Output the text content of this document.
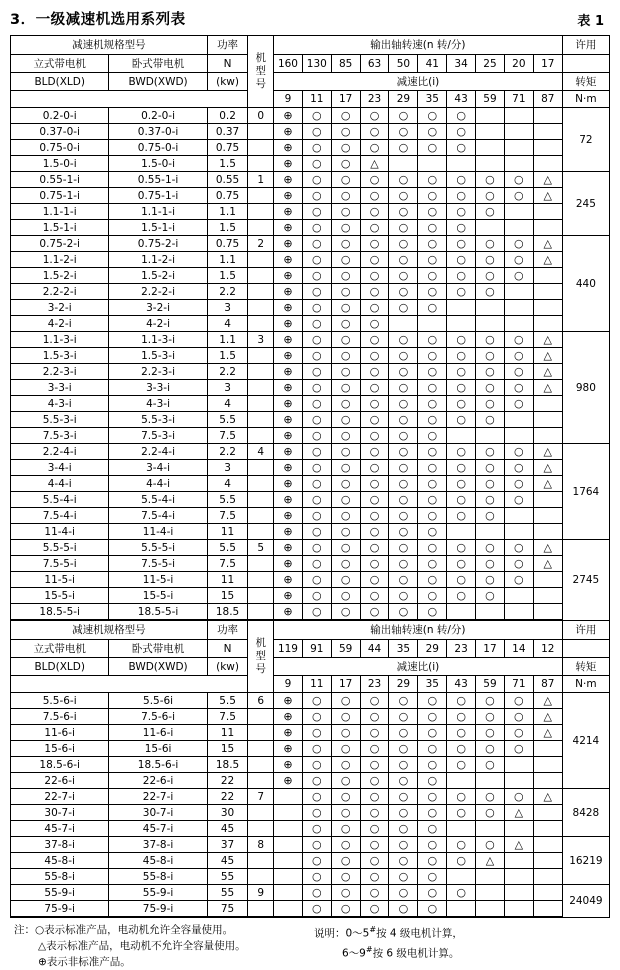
3．一级减速机选用系列表	表 1
减速机规格型号		功率	机
型
号	输出轴转速(n 转/分)										许用
立式带电机	卧式带电机	N		160	130	85	63	50	41	34	25	20	17	
BLD(XLD)	BWD(XWD)	(kw)		减速比(i)										转矩
				9	11	17	23	29	35	43	59	71	87	N·m
0.2-0-i	0.2-0-i	0.2	0	⊕	○	○	○	○	○	○				72
0.37-0-i	0.37-0-i	0.37		⊕	○	○	○	○	○	○				
0.75-0-i	0.75-0-i	0.75		⊕	○	○	○	○	○	○				
1.5-0-i	1.5-0-i	1.5		⊕	○	○	△							
0.55-1-i	0.55-1-i	0.55	1	⊕	○	○	○	○	○	○	○	○	△	245
0.75-1-i	0.75-1-i	0.75		⊕	○	○	○	○	○	○	○	○	△	
1.1-1-i	1.1-1-i	1.1		⊕	○	○	○	○	○	○	○			
1.5-1-i	1.5-1-i	1.5		⊕	○	○	○	○	○	○				
0.75-2-i	0.75-2-i	0.75	2	⊕	○	○	○	○	○	○	○	○	△	440
1.1-2-i	1.1-2-i	1.1		⊕	○	○	○	○	○	○	○	○	△	
1.5-2-i	1.5-2-i	1.5		⊕	○	○	○	○	○	○	○	○		
2.2-2-i	2.2-2-i	2.2		⊕	○	○	○	○	○	○	○			
3-2-i	3-2-i	3		⊕	○	○	○	○	○					
4-2-i	4-2-i	4		⊕	○	○	○							
1.1-3-i	1.1-3-i	1.1	3	⊕	○	○	○	○	○	○	○	○	△	980
1.5-3-i	1.5-3-i	1.5		⊕	○	○	○	○	○	○	○	○	△	
2.2-3-i	2.2-3-i	2.2		⊕	○	○	○	○	○	○	○	○	△	
3-3-i	3-3-i	3		⊕	○	○	○	○	○	○	○	○	△	
4-3-i	4-3-i	4		⊕	○	○	○	○	○	○	○	○		
5.5-3-i	5.5-3-i	5.5		⊕	○	○	○	○	○	○	○			
7.5-3-i	7.5-3-i	7.5		⊕	○	○	○	○	○					
2.2-4-i	2.2-4-i	2.2	4	⊕	○	○	○	○	○	○	○	○	△	1764
3-4-i	3-4-i	3		⊕	○	○	○	○	○	○	○	○	△	
4-4-i	4-4-i	4		⊕	○	○	○	○	○	○	○	○	△	
5.5-4-i	5.5-4-i	5.5		⊕	○	○	○	○	○	○	○	○		
7.5-4-i	7.5-4-i	7.5		⊕	○	○	○	○	○	○	○			
11-4-i	11-4-i	11		⊕	○	○	○	○	○					
5.5-5-i	5.5-5-i	5.5	5	⊕	○	○	○	○	○	○	○	○	△	2745
7.5-5-i	7.5-5-i	7.5		⊕	○	○	○	○	○	○	○	○	△	
11-5-i	11-5-i	11		⊕	○	○	○	○	○	○	○	○		
15-5-i	15-5-i	15		⊕	○	○	○	○	○	○	○			
18.5-5-i	18.5-5-i	18.5		⊕	○	○	○	○	○					
减速机规格型号		功率	机
型
号	输出轴转速(n 转/分)										许用
立式带电机	卧式带电机	N		119	91	59	44	35	29	23	17	14	12	
BLD(XLD)	BWD(XWD)	(kw)		减速比(i)										转矩
				9	11	17	23	29	35	43	59	71	87	N·m
5.5-6-i	5.5-6i	5.5	6	⊕	○	○	○	○	○	○	○	○	△	4214
7.5-6-i	7.5-6-i	7.5		⊕	○	○	○	○	○	○	○	○	△	
11-6-i	11-6-i	11		⊕	○	○	○	○	○	○	○	○	△	
15-6-i	15-6i	15		⊕	○	○	○	○	○	○	○	○		
18.5-6-i	18.5-6-i	18.5		⊕	○	○	○	○	○	○	○			
22-6-i	22-6-i	22		⊕	○	○	○	○	○					
22-7-i	22-7-i	22	7		○	○	○	○	○	○	○	○	△	8428
30-7-i	30-7-i	30			○	○	○	○	○	○	○	△		
45-7-i	45-7-i	45			○	○	○	○	○					
37-8-i	37-8-i	37	8		○	○	○	○	○	○	○	△		16219
45-8-i	45-8-i	45			○	○	○	○	○	○	△			
55-8-i	55-8-i	55			○	○	○	○	○					
55-9-i	55-9-i	55	9		○	○	○	○	○	○				24049
75-9-i	75-9-i	75			○	○	○	○	○					
注：○表示标准产品，电动机允许全容量使用。
△表示标准产品，电动机不允许全容量使用。
⊕表示非标准产品。
说明：0～5#按 4 级电机计算，
6～9#按 6 级电机计算。
